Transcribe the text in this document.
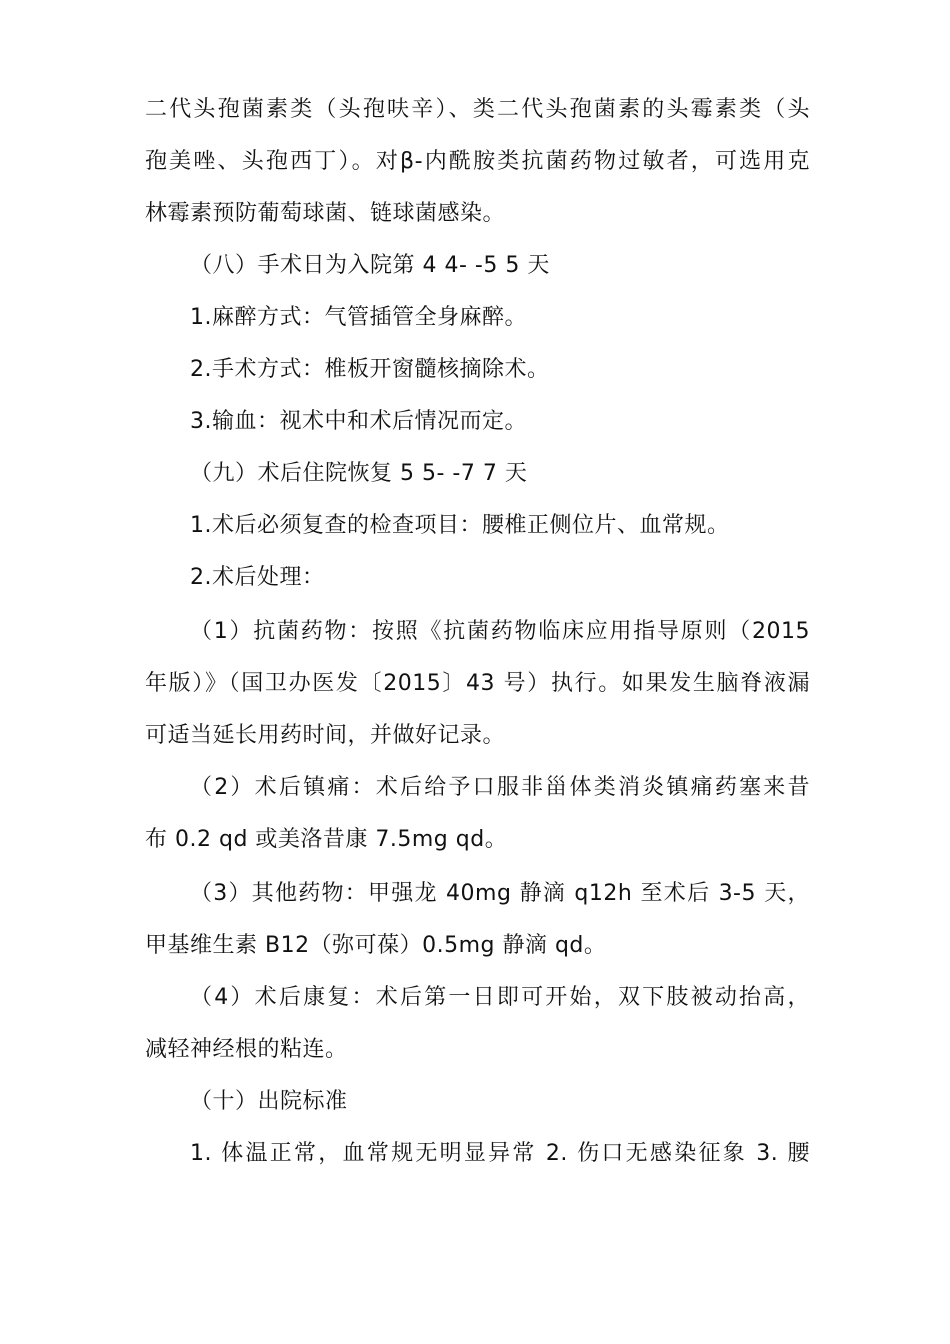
二代头孢菌素类（头孢呋辛）、类二代头孢菌素的头霉素类（头
孢美唑、头孢西丁）。对β-内酰胺类抗菌药物过敏者，可选用克
林霉素预防葡萄球菌、链球菌感染。
（八）手术日为入院第 4 4- -5 5 天
1.麻醉方式：气管插管全身麻醉。
2.手术方式：椎板开窗髓核摘除术。
3.输血：视术中和术后情况而定。
（九）术后住院恢复 5 5- -7 7 天
1.术后必须复查的检查项目：腰椎正侧位片、血常规。
2.术后处理：
（1）抗菌药物：按照《抗菌药物临床应用指导原则（2015
年版）》（国卫办医发〔2015〕43 号）执行。如果发生脑脊液漏
可适当延长用药时间，并做好记录。
（2）术后镇痛：术后给予口服非甾体类消炎镇痛药塞来昔
布 0.2 qd 或美洛昔康 7.5mg qd。
（3）其他药物：甲强龙 40mg 静滴 q12h 至术后 3-5 天，
甲基维生素 B12（弥可葆）0.5mg 静滴 qd。
（4）术后康复：术后第一日即可开始，双下肢被动抬高，
减轻神经根的粘连。
（十）出院标准
1. 体温正常，血常规无明显异常 2. 伤口无感染征象 3. 腰
